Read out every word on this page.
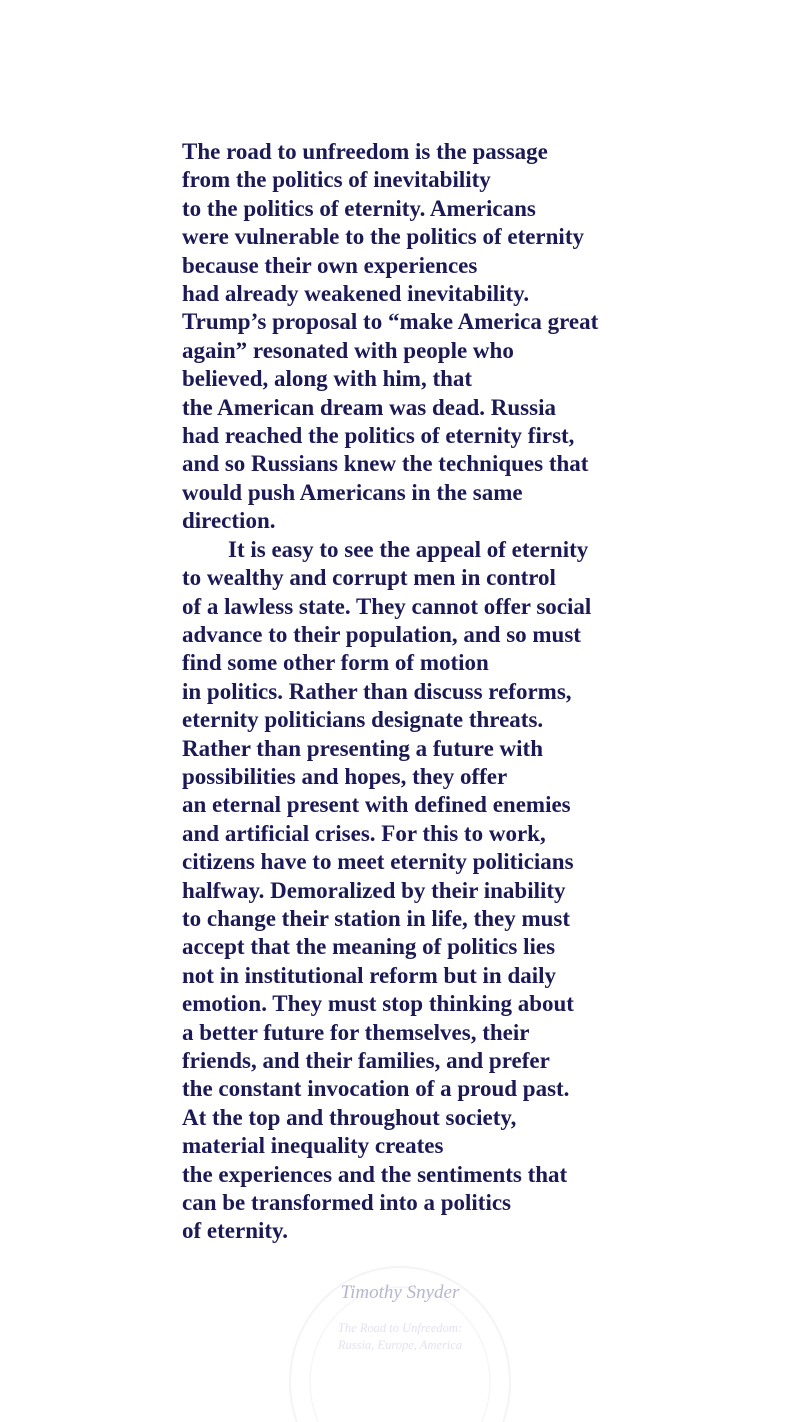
The road to unfreedom is the passage
from the politics of inevitability
to the politics of eternity. Americans
were vulnerable to the politics of eternity
because their own experiences
had already weakened inevitability.
Trump’s proposal to “make America great
again” resonated with people who
believed, along with him, that
the American dream was dead. Russia
had reached the politics of eternity first,
and so Russians knew the techniques that
would push Americans in the same
direction.
It is easy to see the appeal of eternity
to wealthy and corrupt men in control
of a lawless state. They cannot offer social
advance to their population, and so must
find some other form of motion
in politics. Rather than discuss reforms,
eternity politicians designate threats.
Rather than presenting a future with
possibilities and hopes, they offer
an eternal present with defined enemies
and artificial crises. For this to work,
citizens have to meet eternity politicians
halfway. Demoralized by their inability
to change their station in life, they must
accept that the meaning of politics lies
not in institutional reform but in daily
emotion. They must stop thinking about
a better future for themselves, their
friends, and their families, and prefer
the constant invocation of a proud past.
At the top and throughout society,
material inequality creates
the experiences and the sentiments that
can be transformed into a politics
of eternity.
Timothy Snyder
The Road to Unfreedom:
Russia, Europe, America
